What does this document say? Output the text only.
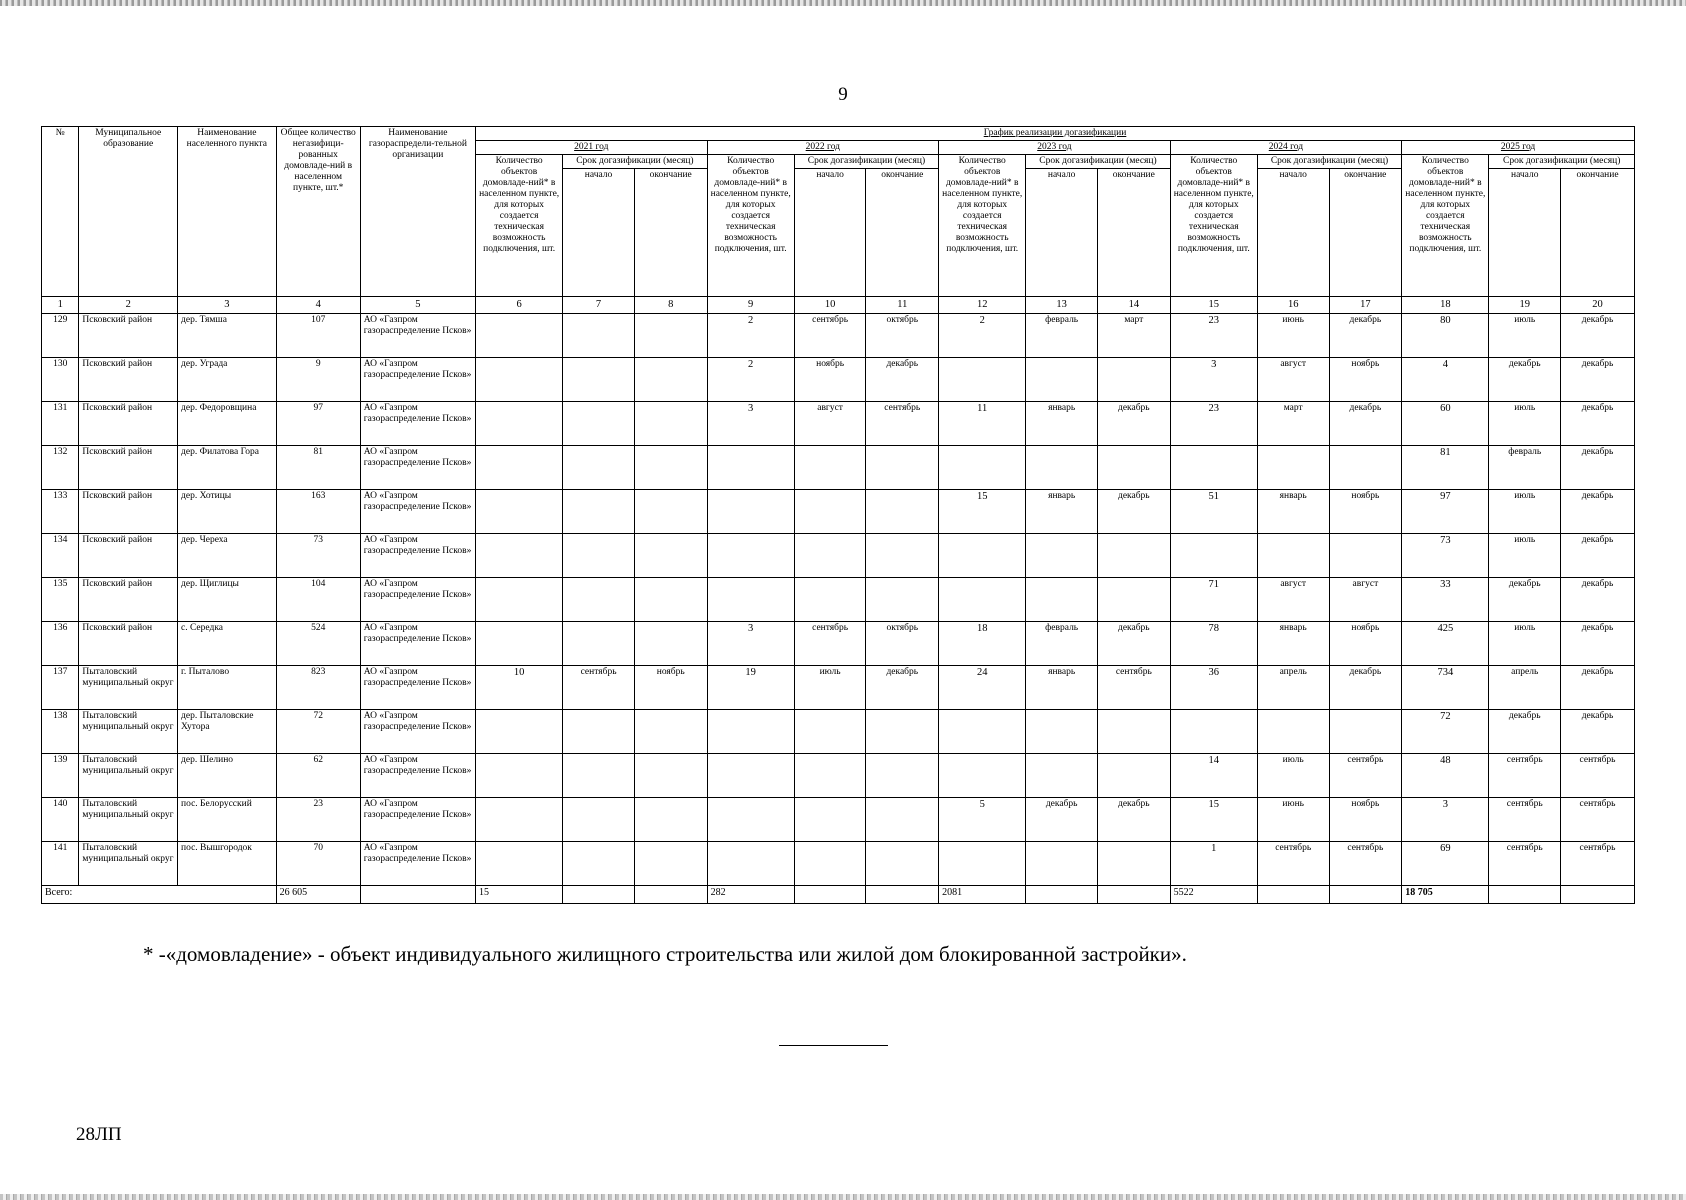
9
№	Муниципальное образование	Наименование населенного пункта	Общее количество негазифици-рованных домовладе-ний в населенном пункте, шт.*	Наименование газораспредели-тельной организации	График реализации догазификации														
					2021 год			2022 год			2023 год			2024 год			2025 год		
					Количество объектов домовладе-ний* в населенном пункте, для которых создается техническая возможность подключения, шт.	Срок догазификации (месяц)		Количество объектов домовладе-ний* в населенном пункте, для которых создается техническая возможность подключения, шт.	Срок догазификации (месяц)		Количество объектов домовладе-ний* в населенном пункте, для которых создается техническая возможность подключения, шт.	Срок догазификации (месяц)		Количество объектов домовладе-ний* в населенном пункте, для которых создается техническая возможность подключения, шт.	Срок догазификации (месяц)		Количество объектов домовладе-ний* в населенном пункте, для которых создается техническая возможность подключения, шт.	Срок догазификации (месяц)	
						начало	окончание		начало	окончание		начало	окончание		начало	окончание		начало	окончание
1	2	3	4	5	6	7	8	9	10	11	12	13	14	15	16	17	18	19	20
129	Псковский район	дер. Тямша	107	АО «Газпром газораспределение Псков»				2	сентябрь	октябрь	2	февраль	март	23	июнь	декабрь	80	июль	декабрь
130	Псковский район	дер. Уграда	9	АО «Газпром газораспределение Псков»				2	ноябрь	декабрь				3	август	ноябрь	4	декабрь	декабрь
131	Псковский район	дер. Федоровщина	97	АО «Газпром газораспределение Псков»				3	август	сентябрь	11	январь	декабрь	23	март	декабрь	60	июль	декабрь
132	Псковский район	дер. Филатова Гора	81	АО «Газпром газораспределение Псков»													81	февраль	декабрь
133	Псковский район	дер. Хотицы	163	АО «Газпром газораспределение Псков»							15	январь	декабрь	51	январь	ноябрь	97	июль	декабрь
134	Псковский район	дер. Череха	73	АО «Газпром газораспределение Псков»													73	июль	декабрь
135	Псковский район	дер. Щиглицы	104	АО «Газпром газораспределение Псков»										71	август	август	33	декабрь	декабрь
136	Псковский район	с. Середка	524	АО «Газпром газораспределение Псков»				3	сентябрь	октябрь	18	февраль	декабрь	78	январь	ноябрь	425	июль	декабрь
137	Пыталовский муниципальный округ	г. Пыталово	823	АО «Газпром газораспределение Псков»	10	сентябрь	ноябрь	19	июль	декабрь	24	январь	сентябрь	36	апрель	декабрь	734	апрель	декабрь
138	Пыталовский муниципальный округ	дер. Пыталовские Хутора	72	АО «Газпром газораспределение Псков»													72	декабрь	декабрь
139	Пыталовский муниципальный округ	дер. Шелино	62	АО «Газпром газораспределение Псков»										14	июль	сентябрь	48	сентябрь	сентябрь
140	Пыталовский муниципальный округ	пос. Белорусский	23	АО «Газпром газораспределение Псков»							5	декабрь	декабрь	15	июнь	ноябрь	3	сентябрь	сентябрь
141	Пыталовский муниципальный округ	пос. Вышгородок	70	АО «Газпром газораспределение Псков»										1	сентябрь	сентябрь	69	сентябрь	сентябрь
Всего:			26 605		15			282			2081			5522			18 705		
* -«домовладение» - объект индивидуального жилищного строительства или жилой дом блокированной застройки».
28ЛП
